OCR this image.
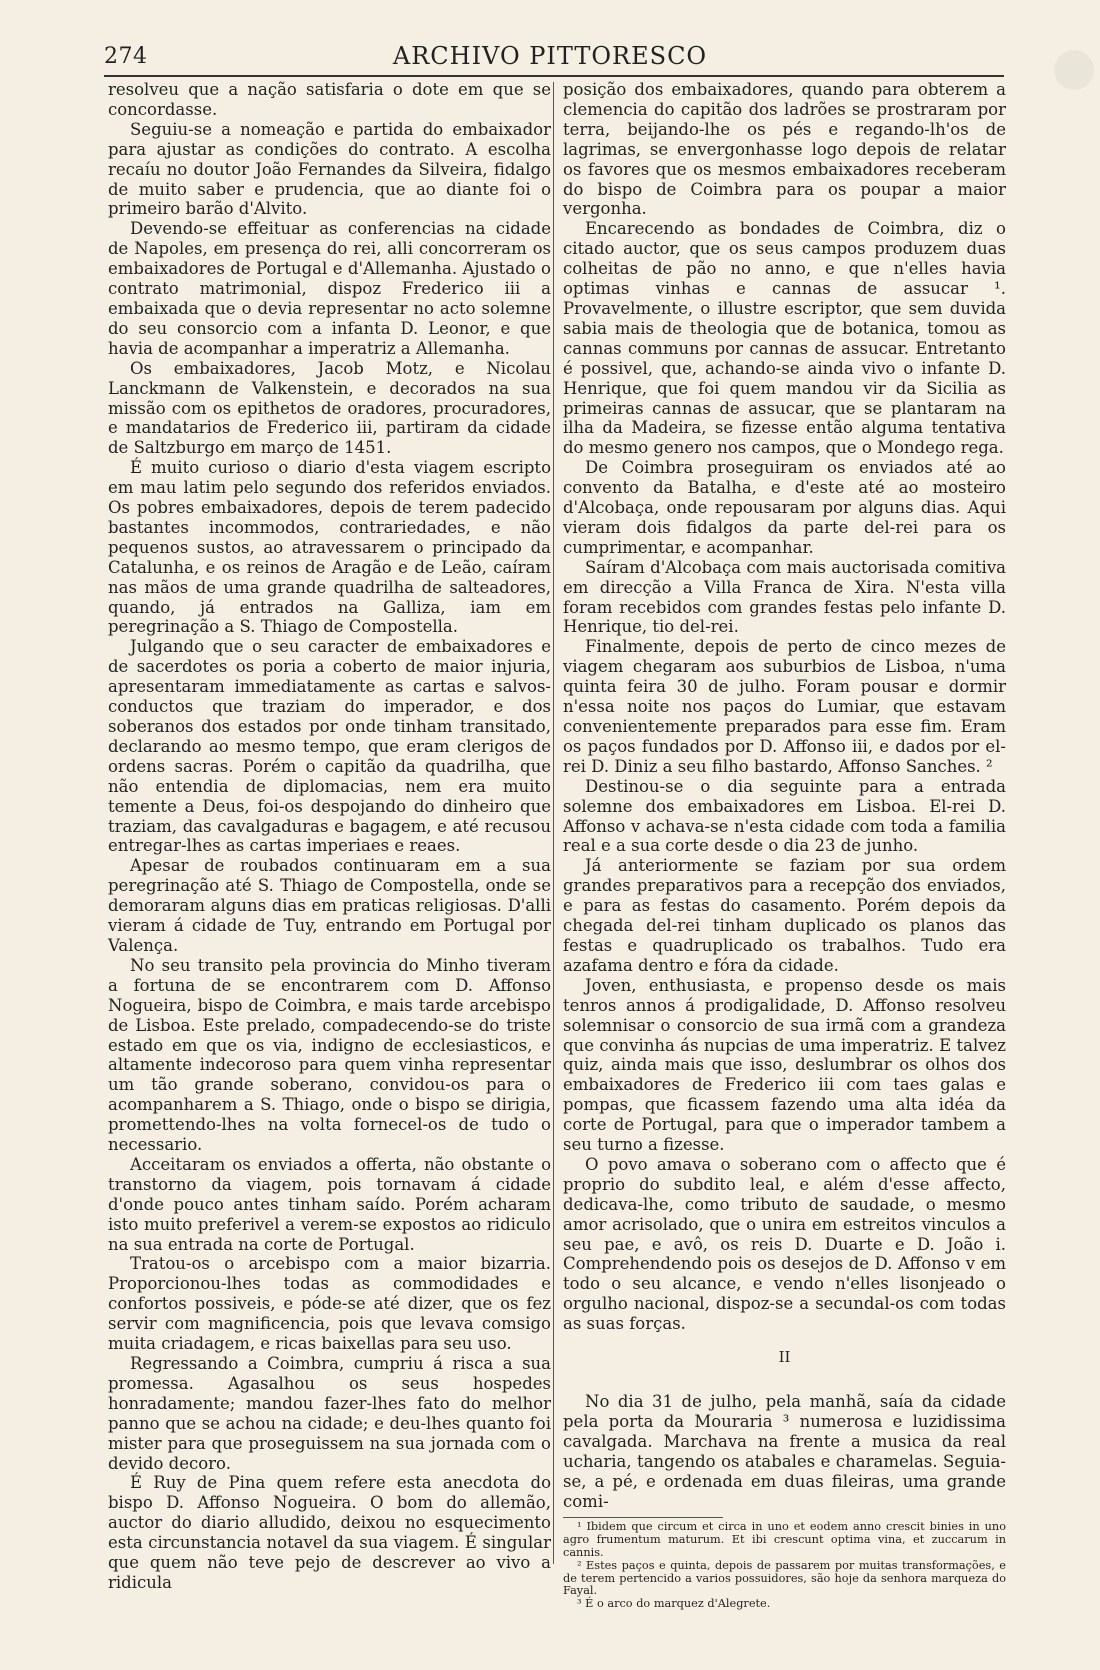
274	ARCHIVO PITTORESCO

resolveu que a nação satisfaria o dote em que se concordasse.

Seguiu-se a nomeação e partida do embaixador para ajustar as condições do contrato. A escolha recaíu no doutor João Fernandes da Silveira, fidalgo de muito saber e prudencia, que ao diante foi o primeiro barão d'Alvito.

Devendo-se effeituar as conferencias na cidade de Napoles, em presença do rei, alli concorreram os embaixadores de Portugal e d'Allemanha. Ajustado o contrato matrimonial, dispoz Frederico iii a embaixada que o devia representar no acto solemne do seu consorcio com a infanta D. Leonor, e que havia de acompanhar a imperatriz a Allemanha.

Os embaixadores, Jacob Motz, e Nicolau Lanckmann de Valkenstein, e decorados na sua missão com os epithetos de oradores, procuradores, e mandatarios de Frederico iii, partiram da cidade de Saltzburgo em março de 1451.

É muito curioso o diario d'esta viagem escripto em mau latim pelo segundo dos referidos enviados. Os pobres embaixadores, depois de terem padecido bastantes incommodos, contrariedades, e não pequenos sustos, ao atravessarem o principado da Catalunha, e os reinos de Aragão e de Leão, caíram nas mãos de uma grande quadrilha de salteadores, quando, já entrados na Galliza, iam em peregrinação a S. Thiago de Compostella.

Julgando que o seu caracter de embaixadores e de sacerdotes os poria a coberto de maior injuria, apresentaram immediatamente as cartas e salvos-conductos que traziam do imperador, e dos soberanos dos estados por onde tinham transitado, declarando ao mesmo tempo, que eram clerigos de ordens sacras. Porém o capitão da quadrilha, que não entendia de diplomacias, nem era muito temente a Deus, foi-os despojando do dinheiro que traziam, das cavalgaduras e bagagem, e até recusou entregar-lhes as cartas imperiaes e reaes.

Apesar de roubados continuaram em a sua peregrinação até S. Thiago de Compostella, onde se demoraram alguns dias em praticas religiosas. D'alli vieram á cidade de Tuy, entrando em Portugal por Valença.

No seu transito pela provincia do Minho tiveram a fortuna de se encontrarem com D. Affonso Nogueira, bispo de Coimbra, e mais tarde arcebispo de Lisboa. Este prelado, compadecendo-se do triste estado em que os via, indigno de ecclesiasticos, e altamente indecoroso para quem vinha representar um tão grande soberano, convidou-os para o acompanharem a S. Thiago, onde o bispo se dirigia, promettendo-lhes na volta fornecel-os de tudo o necessario.

Acceitaram os enviados a offerta, não obstante o transtorno da viagem, pois tornavam á cidade d'onde pouco antes tinham saído. Porém acharam isto muito preferivel a verem-se expostos ao ridiculo na sua entrada na corte de Portugal.

Tratou-os o arcebispo com a maior bizarria. Proporcionou-lhes todas as commodidades e confortos possiveis, e póde-se até dizer, que os fez servir com magnificencia, pois que levava comsigo muita criadagem, e ricas baixellas para seu uso.

Regressando a Coimbra, cumpriu á risca a sua promessa. Agasalhou os seus hospedes honradamente; mandou fazer-lhes fato do melhor panno que se achou na cidade; e deu-lhes quanto foi mister para que proseguissem na sua jornada com o devido decoro.

É Ruy de Pina quem refere esta anecdota do bispo D. Affonso Nogueira. O bom do allemão, auctor do diario alludido, deixou no esquecimento esta circunstancia notavel da sua viagem. É singular que quem não teve pejo de descrever ao vivo a ridicula

posição dos embaixadores, quando para obterem a clemencia do capitão dos ladrões se prostraram por terra, beijando-lhe os pés e regando-lh'os de lagrimas, se envergonhasse logo depois de relatar os favores que os mesmos embaixadores receberam do bispo de Coimbra para os poupar a maior vergonha.

Encarecendo as bondades de Coimbra, diz o citado auctor, que os seus campos produzem duas colheitas de pão no anno, e que n'elles havia optimas vinhas e cannas de assucar ¹. Provavelmente, o illustre escriptor, que sem duvida sabia mais de theologia que de botanica, tomou as cannas communs por cannas de assucar. Entretanto é possivel, que, achando-se ainda vivo o infante D. Henrique, que foi quem mandou vir da Sicilia as primeiras cannas de assucar, que se plantaram na ilha da Madeira, se fizesse então alguma tentativa do mesmo genero nos campos, que o Mondego rega.

De Coimbra proseguiram os enviados até ao convento da Batalha, e d'este até ao mosteiro d'Alcobaça, onde repousaram por alguns dias. Aqui vieram dois fidalgos da parte del-rei para os cumprimentar, e acompanhar.

Saíram d'Alcobaça com mais auctorisada comitiva em direcção a Villa Franca de Xira. N'esta villa foram recebidos com grandes festas pelo infante D. Henrique, tio del-rei.

Finalmente, depois de perto de cinco mezes de viagem chegaram aos suburbios de Lisboa, n'uma quinta feira 30 de julho. Foram pousar e dormir n'essa noite nos paços do Lumiar, que estavam convenientemente preparados para esse fim. Eram os paços fundados por D. Affonso iii, e dados por el-rei D. Diniz a seu filho bastardo, Affonso Sanches. ²

Destinou-se o dia seguinte para a entrada solemne dos embaixadores em Lisboa. El-rei D. Affonso v achava-se n'esta cidade com toda a familia real e a sua corte desde o dia 23 de junho.

Já anteriormente se faziam por sua ordem grandes preparativos para a recepção dos enviados, e para as festas do casamento. Porém depois da chegada del-rei tinham duplicado os planos das festas e quadruplicado os trabalhos. Tudo era azafama dentro e fóra da cidade.

Joven, enthusiasta, e propenso desde os mais tenros annos á prodigalidade, D. Affonso resolveu solemnisar o consorcio de sua irmã com a grandeza que convinha ás nupcias de uma imperatriz. E talvez quiz, ainda mais que isso, deslumbrar os olhos dos embaixadores de Frederico iii com taes galas e pompas, que ficassem fazendo uma alta idéa da corte de Portugal, para que o imperador tambem a seu turno a fizesse.

O povo amava o soberano com o affecto que é proprio do subdito leal, e além d'esse affecto, dedicava-lhe, como tributo de saudade, o mesmo amor acrisolado, que o unira em estreitos vinculos a seu pae, e avô, os reis D. Duarte e D. João i. Comprehendendo pois os desejos de D. Affonso v em todo o seu alcance, e vendo n'elles lisonjeado o orgulho nacional, dispoz-se a secundal-os com todas as suas forças.

II

No dia 31 de julho, pela manhã, saía da cidade pela porta da Mouraria ³ numerosa e luzidissima cavalgada. Marchava na frente a musica da real ucharia, tangendo os atabales e charamelas. Seguia-se, a pé, e ordenada em duas fileiras, uma grande comi-

¹ Ibidem que circum et circa in uno et eodem anno crescit binies in uno agro frumentum maturum. Et ibi crescunt optima vina, et zuccarum in cannis.

² Estes paços e quinta, depois de passarem por muitas transformações, e de terem pertencido a varios possuidores, são hoje da senhora marqueza do Fayal.

³ É o arco do marquez d'Alegrete.
